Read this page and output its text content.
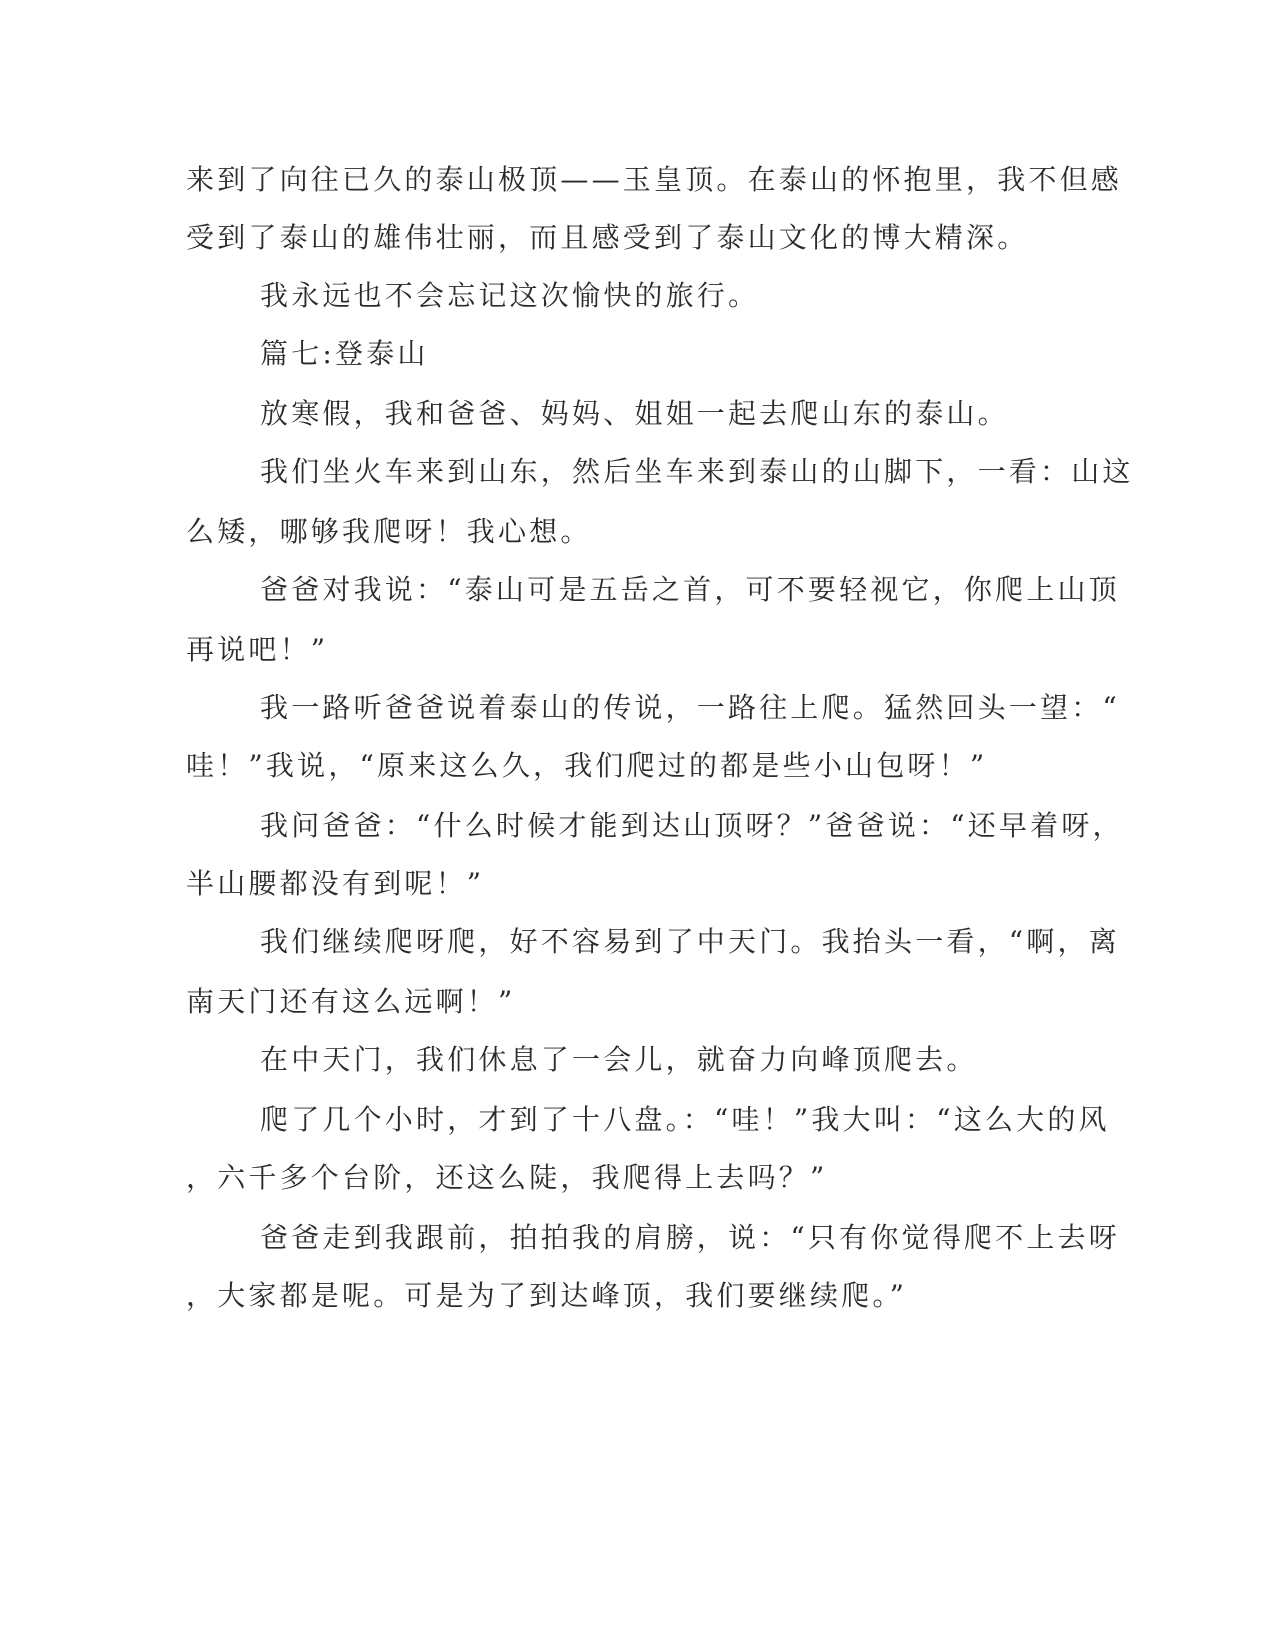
来到了向往已久的泰山极顶——玉皇顶。在泰山的怀抱里，我不但感
受到了泰山的雄伟壮丽，而且感受到了泰山文化的博大精深。
我永远也不会忘记这次愉快的旅行。
篇七:登泰山
放寒假，我和爸爸、妈妈、姐姐一起去爬山东的泰山。
我们坐火车来到山东，然后坐车来到泰山的山脚下，一看：山这
么矮，哪够我爬呀！我心想。
爸爸对我说：“泰山可是五岳之首，可不要轻视它，你爬上山顶
再说吧！”
我一路听爸爸说着泰山的传说，一路往上爬。猛然回头一望：“
哇！”我说，“原来这么久，我们爬过的都是些小山包呀！”
我问爸爸：“什么时候才能到达山顶呀？”爸爸说：“还早着呀，
半山腰都没有到呢！”
我们继续爬呀爬，好不容易到了中天门。我抬头一看，“啊，离
南天门还有这么远啊！”
在中天门，我们休息了一会儿，就奋力向峰顶爬去。
爬了几个小时，才到了十八盘。：“哇！”我大叫：“这么大的风
，六千多个台阶，还这么陡，我爬得上去吗？”
爸爸走到我跟前，拍拍我的肩膀，说：“只有你觉得爬不上去呀
，大家都是呢。可是为了到达峰顶，我们要继续爬。”
